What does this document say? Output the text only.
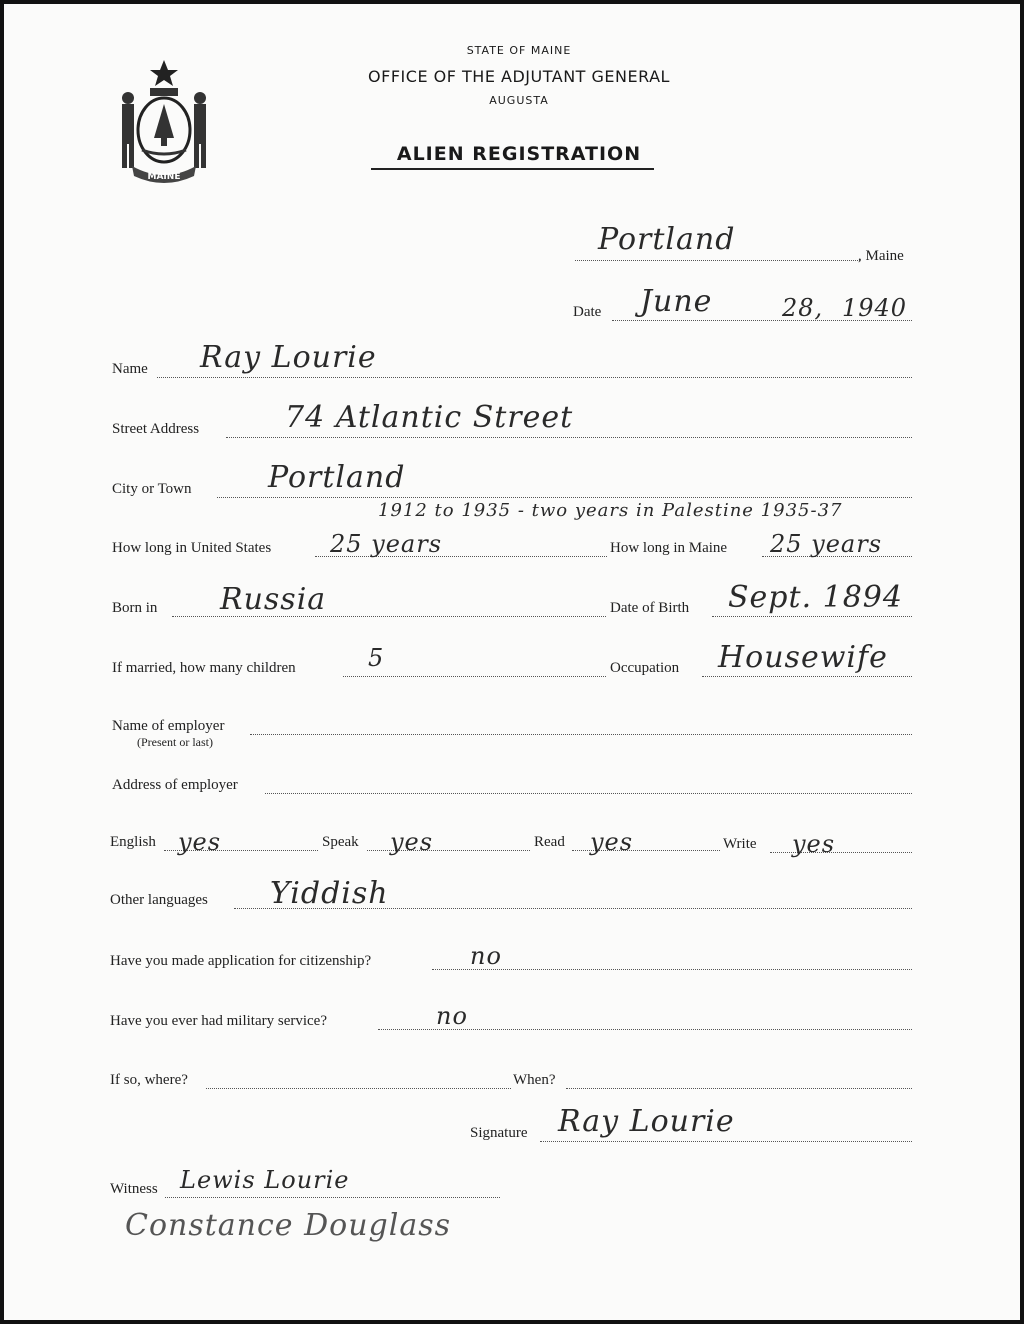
MAINE
STATE OF MAINE
OFFICE OF THE ADJUTANT GENERAL
AUGUSTA
ALIEN REGISTRATION
Portland	, Maine
Date June	28, 1940
Name Ray Lourie
Street Address	74 Atlantic Street
City or Town	Portland
1912 to 1935 - two years in Palestine 1935-37
How long in United States 25 years	How long in Maine 25 years
Born in Russia	Date of Birth Sept. 1894
If married, how many children	5	Occupation Housewife
Name of employer
(Present or last)
Address of employer
English yes	Speak yes	Read yes	Write yes
Other languages Yiddish
Have you made application for citizenship?	no
Have you ever had military service?	no
If so, where?	When?
Signature Ray Lourie
Witness Lewis Lourie
Constance Douglass
